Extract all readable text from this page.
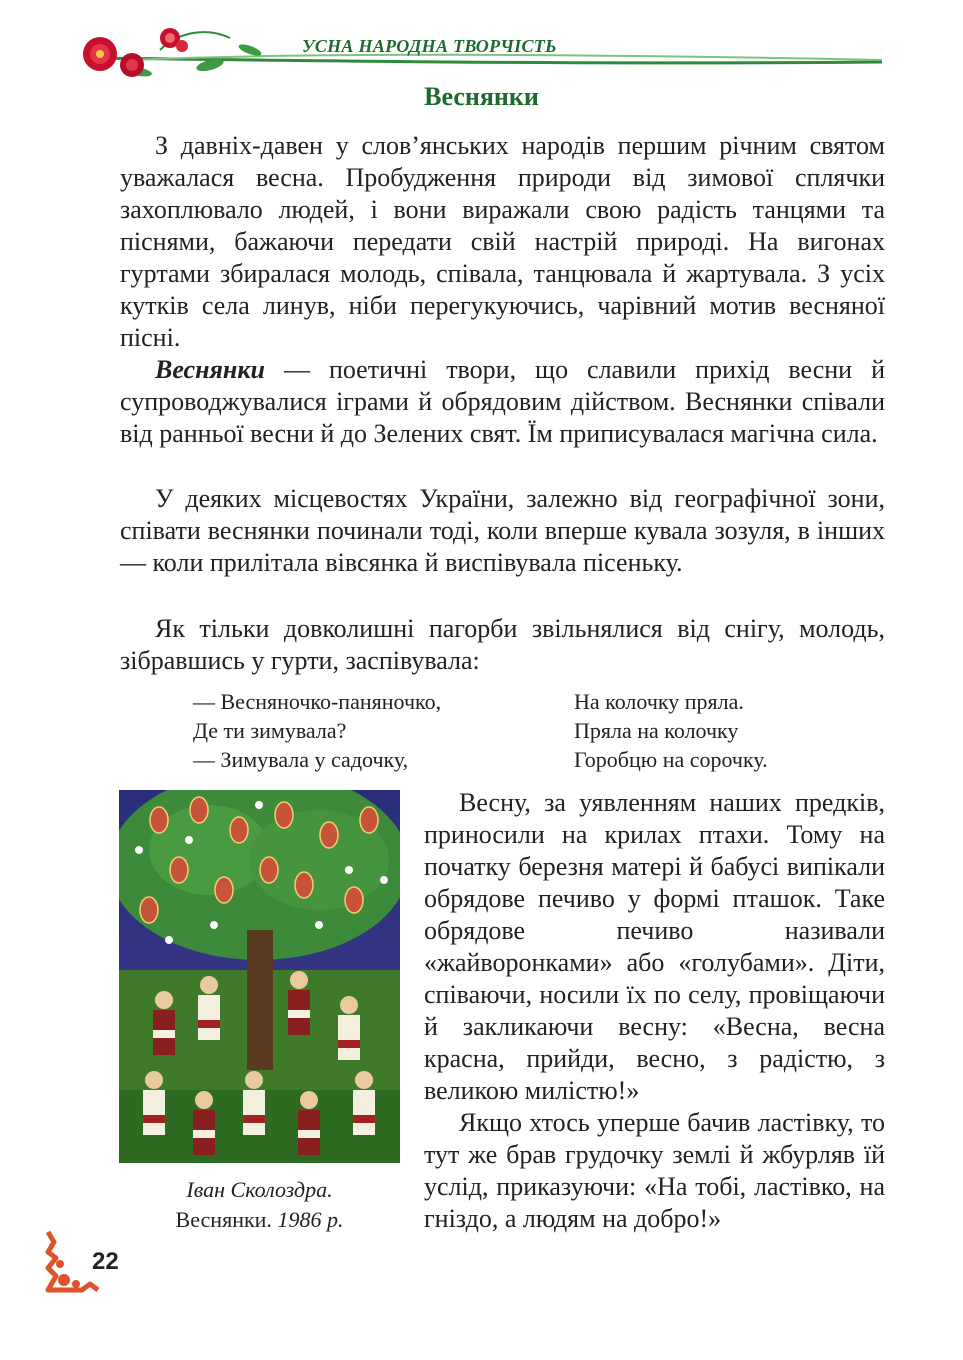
УСНА НАРОДНА ТВОРЧІСТЬ
Веснянки

З давніх-давен у слов’янських народів першим річним святом уважалася весна. Пробудження природи від зимової сплячки захоплювало людей, і вони виражали свою радість танцями та піснями, бажаючи передати свій настрій природі. На вигонах гуртами збиралася молодь, співала, танцювала й жартувала. З усіх кутків села линув, ніби перегукуючись, чарівний мотив весняної пісні.

Веснянки — поетичні твори, що славили прихід весни й супроводжувалися іграми й обрядовим дійством. Веснянки співали від ранньої весни й до Зелених свят. Їм приписувалася магічна сила.

У деяких місцевостях України, залежно від географічної зони, співати веснянки починали тоді, коли вперше кувала зозуля, в інших — коли прилітала вівсянка й виспівувала пісеньку.

Як тільки довколишні пагорби звільнялися від снігу, молодь, зібравшись у гурти, заспівувала:

— Весняночко-паняночко,
Де ти зимувала?
— Зимувала у садочку,
На колочку пряла.
Пряла на колочку
Горобцю на сорочку.
Іван Сколоздра.
Веснянки. 1986 р.

Весну, за уявленням наших предків, приносили на крилах птахи. Тому на початку березня матері й бабусі випікали обрядове печиво у формі пташок. Таке обрядове печиво називали «жайворонками» або «голубами». Діти, співаючи, носили їх по селу, провіщаючи й закликаючи весну: «Весна, весна красна, прийди, весно, з радістю, з великою милістю!»

Якщо хтось уперше бачив ластівку, то тут же брав грудочку землі й жбурляв їй услід, приказуючи: «На тобі, ластівко, на гніздо, а людям на добро!»

22
